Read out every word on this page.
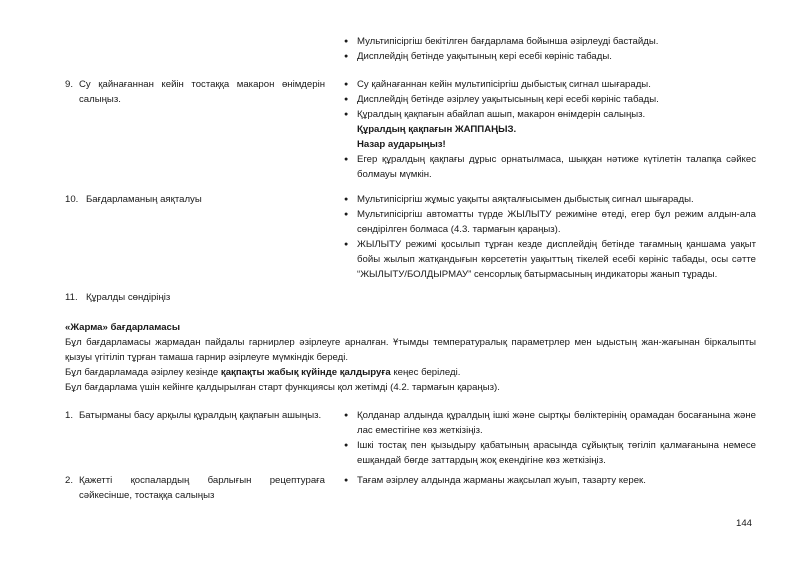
● Мультипісіргіш бекітілген бағдарлама бойынша әзірлеуді бастайды.
● Дисплейдің бетінде уақытының кері есебі көрініс табады.
9. Су қайнағаннан кейін тостаққа макарон өнімдерін салыңыз.
● Су қайнағаннан кейін мультипісіргіш дыбыстық сигнал шығарады.
● Дисплейдің бетінде әзірлеу уақытысының кері есебі көрініс табады.
● Құралдың қақпағын абайлап ашып, макарон өнімдерін салыңыз.
Құралдың қақпағын ЖАППАҢЫЗ.
Назар аударыңыз!
● Егер құралдың қақпағы дұрыс орнатылмаса, шыққан нәтиже күтілетін талапқа сәйкес болмауы мүмкін.
10. Бағдарламаның аяқталуы	● Мультипісіргіш жұмыс уақыты аяқталғысымен дыбыстық сигнал шығарады.
● Мультипісіргіш автоматты түрде ЖЫЛЫТУ режиміне өтеді, егер бұл режим алдын-ала сөндірілген болмаса (4.3. тармағын қараңыз).
● ЖЫЛЫТУ режимі қосылып тұрған кезде дисплейдің бетінде тағамның қаншама уақыт бойы жылып жатқандығын көрсететін уақыттың тікелей есебі көрініс табады, осы сәтте “ЖЫЛЫТУ/БОЛДЫРМАУ” сенсорлық батырмасының индикаторы жанып тұрады.
11. Құралды сөндіріңіз
«Жарма» бағдарламасы
Бұл бағдарламасы жармадан пайдалы гарнирлер әзірлеуге арналған. Ұтымды температуралық параметрлер мен ыдыстың жан-жағынан біркалыпты қызуы үгітіліп тұрған тамаша гарнир әзірлеуге мүмкіндік береді.
Бұл бағдарламада әзірлеу кезінде қақпақты жабық күйінде қалдыруға кеңес беріледі.
Бұл бағдарлама үшін кейінге қалдырылған старт функциясы қол жетімді (4.2. тармағын қараңыз).
1. Батырманы басу арқылы құралдың қақпағын ашыңыз.	● Қолданар алдында құралдың ішкі және сыртқы бөліктерінің орамадан босағанына және лас еместігіне көз жеткізіңіз.
● Ішкі тостақ пен қызыдыру қабатының арасында сұйықтық төгіліп қалмағанына немесе ешқандай бөгде заттардың жоқ екендігіне көз жеткізіңіз.
2. Қажетті қоспалардың барлығын рецептураға сәйкесінше, тостаққа салыңыз
● Тағам әзірлеу алдында жарманы жақсылап жуып, тазарту керек.
144
